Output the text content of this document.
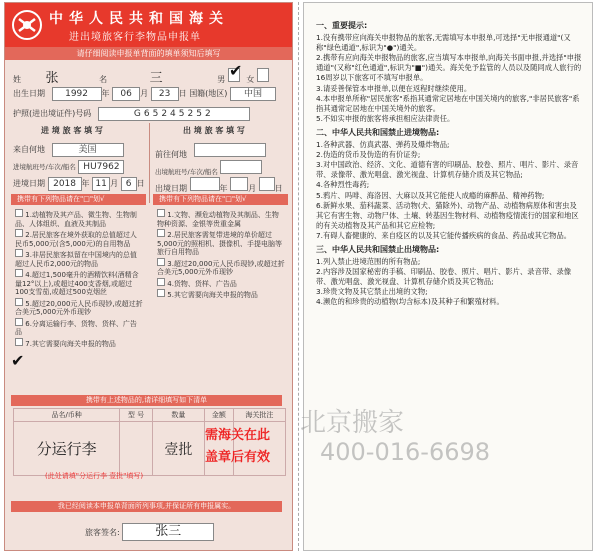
中华人民共和国海关
进出境旅客行李物品申报单
请仔细阅读申报单背面的填单须知后填写
姓 张	名	三	男	女
✔
出生日期 1992 年 06 月 23 日 国籍(地区) 中国
护照(进出境证件)号码	G65245252
进 境 旅 客 填 写	出 境 旅 客 填 写
来自何地	美国
进境航班号/车次/船名 HU7962
进境日期 2018 年 11 月 6 日
前往何地
出境航班号/车次/船名
出境日期	年 月 日
携带有下列物品请在"□"划√	携带有下列物品请在"□"划√
1.动植物及其产品、微生物、生物制品、人体组织、血液及其制品
2.居民旅客在境外获取的总值超过人民币5,000元(含5,000元)的自用物品
3.非居民旅客拟留在中国境内的总值超过人民币2,000元的物品
4.超过1,500毫升的酒精饮料(酒精含量12°以上),或超过400支香烟,或超过100支雪茄,或超过500克烟丝
5.超过20,000元人民币现钞,或超过折合美元5,000元外币现钞
6.分离运输行李、货物、货样、广告品
7.其它需要向海关申报的物品
✔
1.文物、濒危动植物及其制品、生物物种资源、金银等贵重金属
2.居民旅客需复带进境的单价超过5,000元的照相机、摄像机、手提电脑等旅行自用物品
3.超过20,000元人民币现钞,或超过折合美元5,000元外币现钞
4.货物、货样、广告品
5.其它需要向海关申报的物品
携带有上述物品的,请详细填写如下清单
品名/币种	型 号	数量	金额	海关批注
分运行李		壹批		
需海关在此
盖章后有效
(此处请填"分运行李 壹批"填写)
我已经阅读本申报单背面所列事项,并保证所有申报属实。
旅客签名:	张三
一、重要提示:
1.没有携带应向海关申报物品的旅客,无需填写本申报单,可选择"无申报通道"(又称"绿色通道",标识为"●")通关。
2.携带有应向海关申报物品的旅客,应当填写本申报单,向海关书面申报,并选择"申报通道"(又称"红色通道",标识为"■")通关。海关免予监管的人员以及随同成人旅行的16周岁以下旅客可不填写申报单。
3.请妥善保管本申报单,以便在返程时继续使用。
4.本申报单所称"居民旅客"系指其通常定居地在中国关境内的旅客,"非居民旅客"系指其通常定居地在中国关境外的旅客。
5.不如实申报的旅客将承担相应法律责任。
二、中华人民共和国禁止进境物品:
1.各种武器、仿真武器、弹药及爆炸物品;
2.伪造的货币及伪造的有价证券;
3.对中国政治、经济、文化、道德有害的印刷品、胶卷、照片、唱片、影片、录音带、录像带、激光唱盘、激光视盘、计算机存储介质及其它物品;
4.各种烈性毒药;
5.鸦片、吗啡、海洛因、大麻以及其它能使人成瘾的麻醉品、精神药物;
6.新鲜水果、茄科蔬菜、活动物(犬、猫除外)、动物产品、动植物病原体和害虫及其它有害生物、动物尸体、土壤、转基因生物材料、动植物疫情流行的国家和地区的有关动植物及其产品和其它应检物;
7.有碍人畜健康的、来自疫区的以及其它能传播疾病的食品、药品或其它物品。
三、中华人民共和国禁止出境物品:
1.列入禁止进境范围的所有物品;
2.内容涉及国家秘密的手稿、印刷品、胶卷、照片、唱片、影片、录音带、录像带、激光唱盘、激光视盘、计算机存储介质及其它物品;
3.珍贵文物及其它禁止出境的文物;
4.濒危的和珍贵的动植物(均含标本)及其种子和繁殖材料。
北京搬家
400-016-6698
